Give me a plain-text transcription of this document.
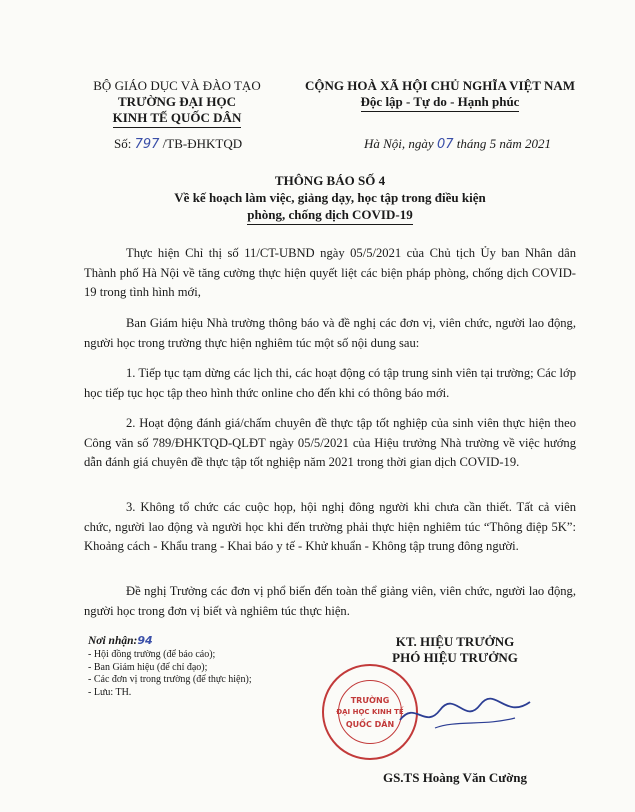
BỘ GIÁO DỤC VÀ ĐÀO TẠO
TRƯỜNG ĐẠI HỌC
KINH TẾ QUỐC DÂN
CỘNG HOÀ XÃ HỘI CHỦ NGHĨA VIỆT NAM
Độc lập - Tự do - Hạnh phúc
Số: 797 /TB-ĐHKTQD	Hà Nội, ngày 07 tháng 5 năm 2021
THÔNG BÁO SỐ 4
Về kế hoạch làm việc, giảng dạy, học tập trong điều kiện
phòng, chống dịch COVID-19
Thực hiện Chỉ thị số 11/CT-UBND ngày 05/5/2021 của Chủ tịch Ủy ban Nhân dân Thành phố Hà Nội về tăng cường thực hiện quyết liệt các biện pháp phòng, chống dịch COVID-19 trong tình hình mới,
Ban Giám hiệu Nhà trường thông báo và đề nghị các đơn vị, viên chức, người lao động, người học trong trường thực hiện nghiêm túc một số nội dung sau:
1. Tiếp tục tạm dừng các lịch thi, các hoạt động có tập trung sinh viên tại trường; Các lớp học tiếp tục học tập theo hình thức online cho đến khi có thông báo mới.
2. Hoạt động đánh giá/chấm chuyên đề thực tập tốt nghiệp của sinh viên thực hiện theo Công văn số 789/ĐHKTQD-QLĐT ngày 05/5/2021 của Hiệu trưởng Nhà trường về việc hướng dẫn đánh giá chuyên đề thực tập tốt nghiệp năm 2021 trong thời gian dịch COVID-19.
3. Không tổ chức các cuộc họp, hội nghị đông người khi chưa cần thiết. Tất cả viên chức, người lao động và người học khi đến trường phải thực hiện nghiêm túc “Thông điệp 5K”: Khoảng cách - Khẩu trang - Khai báo y tế - Khử khuẩn - Không tập trung đông người.
Đề nghị Trưởng các đơn vị phổ biến đến toàn thể giảng viên, viên chức, người lao động, người học trong đơn vị biết và nghiêm túc thực hiện.
Nơi nhận:94
- Hội đồng trường (để báo cáo);
- Ban Giám hiệu (để chỉ đạo);
- Các đơn vị trong trường (để thực hiện);
- Lưu: TH.
KT. HIỆU TRƯỞNG
PHÓ HIỆU TRƯỞNG
TRƯỜNG
ĐẠI HỌC KINH TẾ
QUỐC DÂN
GS.TS Hoàng Văn Cường
